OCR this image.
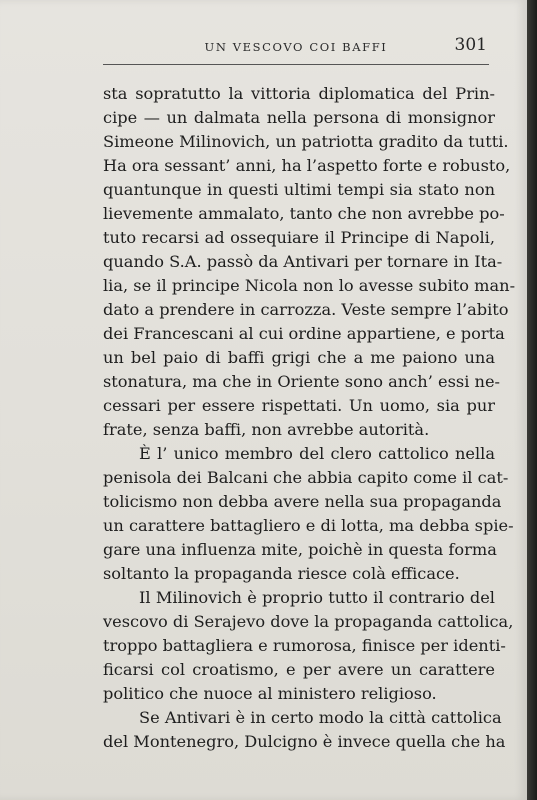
UN VESCOVO COI BAFFI	301
sta sopratutto la vittoria diplomatica del Prin-
cipe — un dalmata nella persona di monsignor
Simeone Milinovich, un patriotta gradito da tutti.
Ha ora sessant’ anni, ha l’aspetto forte e robusto,
quantunque in questi ultimi tempi sia stato non
lievemente ammalato, tanto che non avrebbe po-
tuto recarsi ad ossequiare il Principe di Napoli,
quando S.A. passò da Antivari per tornare in Ita-
lia, se il principe Nicola non lo avesse subito man-
dato a prendere in carrozza. Veste sempre l’abito
dei Francescani al cui ordine appartiene, e porta
un bel paio di baffi grigi che a me paiono una
stonatura, ma che in Oriente sono anch’ essi ne-
cessari per essere rispettati. Un uomo, sia pur
frate, senza baffi, non avrebbe autorità.
È l’ unico membro del clero cattolico nella
penisola dei Balcani che abbia capito come il cat-
tolicismo non debba avere nella sua propaganda
un carattere battagliero e di lotta, ma debba spie-
gare una influenza mite, poichè in questa forma
soltanto la propaganda riesce colà efficace.
Il Milinovich è proprio tutto il contrario del
vescovo di Serajevo dove la propaganda cattolica,
troppo battagliera e rumorosa, finisce per identi-
ficarsi col croatismo, e per avere un carattere
politico che nuoce al ministero religioso.
Se Antivari è in certo modo la città cattolica
del Montenegro, Dulcigno è invece quella che ha
